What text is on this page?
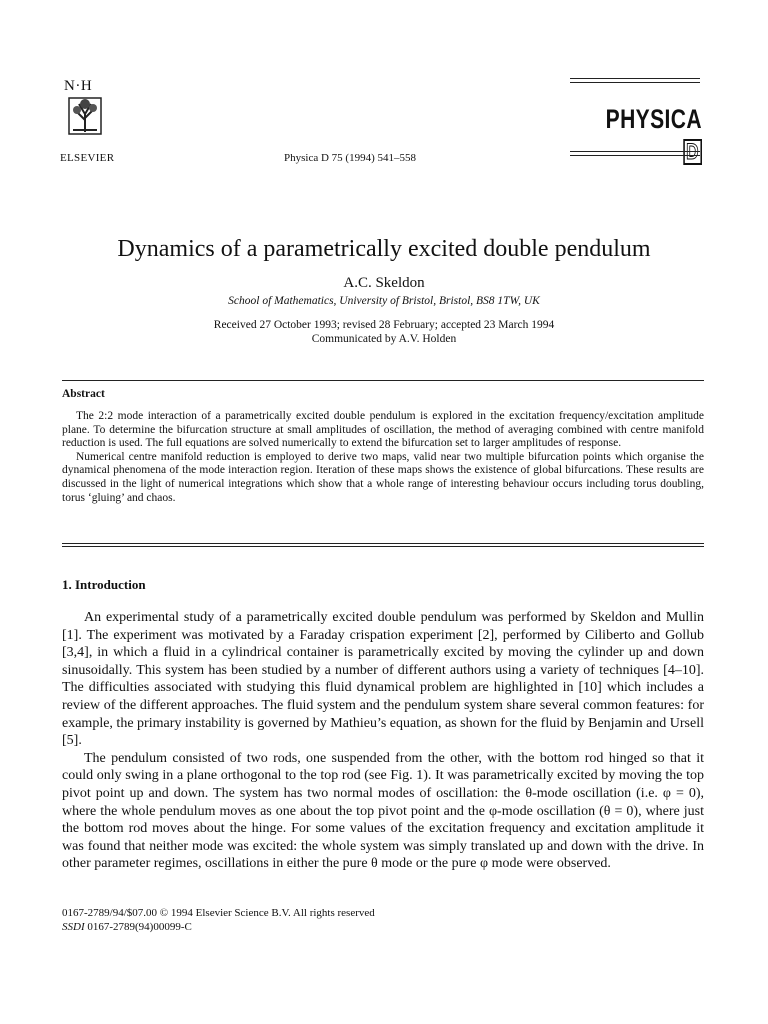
N·H
ELSEVIER	Physica D 75 (1994) 541–558
PHYSICAD
Dynamics of a parametrically excited double pendulum
A.C. Skeldon
School of Mathematics, University of Bristol, Bristol, BS8 1TW, UK
Received 27 October 1993; revised 28 February; accepted 23 March 1994
Communicated by A.V. Holden
Abstract

The 2:2 mode interaction of a parametrically excited double pendulum is explored in the excitation frequency/excitation amplitude plane. To determine the bifurcation structure at small amplitudes of oscillation, the method of averaging combined with centre manifold reduction is used. The full equations are solved numerically to extend the bifurcation set to larger amplitudes of response.

Numerical centre manifold reduction is employed to derive two maps, valid near two multiple bifurcation points which organise the dynamical phenomena of the mode interaction region. Iteration of these maps shows the existence of global bifurcations. These results are discussed in the light of numerical integrations which show that a whole range of interesting behaviour occurs including torus doubling, torus ‘gluing’ and chaos.

1. Introduction

An experimental study of a parametrically excited double pendulum was performed by Skeldon and Mullin [1]. The experiment was motivated by a Faraday crispation experiment [2], performed by Ciliberto and Gollub [3,4], in which a fluid in a cylindrical container is parametrically excited by moving the cylinder up and down sinusoidally. This system has been studied by a number of different authors using a variety of techniques [4–10]. The difficulties associated with studying this fluid dynamical problem are highlighted in [10] which includes a review of the different approaches. The fluid system and the pendulum system share several common features: for example, the primary instability is governed by Mathieu’s equation, as shown for the fluid by Benjamin and Ursell [5].

The pendulum consisted of two rods, one suspended from the other, with the bottom rod hinged so that it could only swing in a plane orthogonal to the top rod (see Fig. 1). It was parametrically excited by moving the top pivot point up and down. The system has two normal modes of oscillation: the θ-mode oscillation (i.e. φ = 0), where the whole pendulum moves as one about the top pivot point and the φ-mode oscillation (θ = 0), where just the bottom rod moves about the hinge. For some values of the excitation frequency and excitation amplitude it was found that neither mode was excited: the whole system was simply translated up and down with the drive. In other parameter regimes, oscillations in either the pure θ mode or the pure φ mode were observed.

0167-2789/94/$07.00 © 1994 Elsevier Science B.V. All rights reserved
SSDI 0167-2789(94)00099-C
